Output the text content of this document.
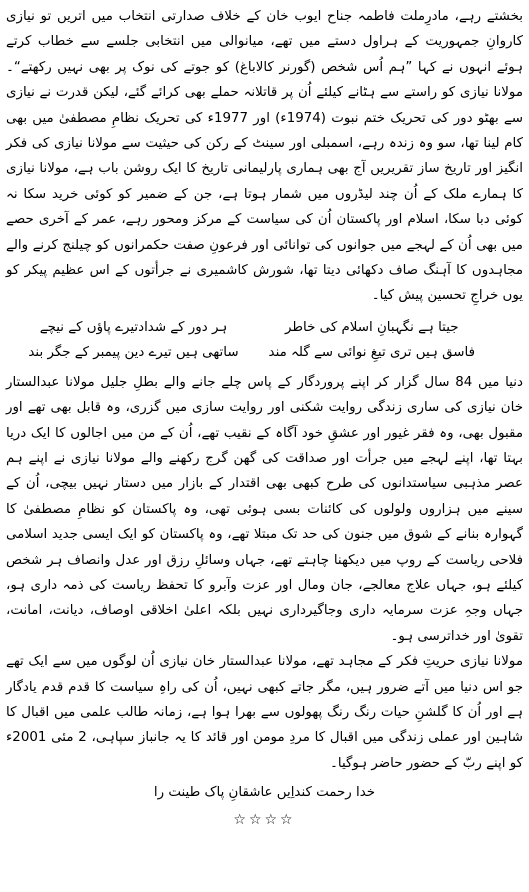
بخشتے رہے، مادرِملت فاطمہ جناح ایوب خان کے خلاف صدارتی انتخاب میں اتریں تو نیازی کاروانِ جمہوریت کے ہراول دستے میں تھے، میانوالی میں انتخابی جلسے سے خطاب کرتے ہوئے انہوں نے کہا ”ہم اُس شخص (گورنر کالاباغ) کو جوتے کی نوک پر بھی نہیں رکھتے“۔ مولانا نیازی کو راستے سے ہٹانے کیلئے اُن پر قاتلانہ حملے بھی کرائے گئے، لیکن قدرت نے نیازی سے بھٹو دور کی تحریک ختم نبوت (1974ء) اور 1977ء کی تحریک نظامِ مصطفیٰ میں بھی کام لینا تھا، سو وہ زندہ رہے، اسمبلی اور سینٹ کے رکن کی حیثیت سے مولانا نیازی کی فکر انگیز اور تاریخ ساز تقریریں آج بھی ہماری پارلیمانی تاریخ کا ایک روشن باب ہے، مولانا نیازی کا ہمارے ملک کے اُن چند لیڈروں میں شمار ہوتا ہے، جن کے ضمیر کو کوئی خرید سکا نہ کوئی دبا سکا، اسلام اور پاکستان اُن کی سیاست کے مرکز ومحور رہے، عمر کے آخری حصے میں بھی اُن کے لہجے میں جوانوں کی توانائی اور فرعونِ صفت حکمرانوں کو چیلنج کرنے والے مجاہدوں کا آہنگ صاف دکھائی دیتا تھا، شورش کاشمیری نے جرأتوں کے اس عظیم پیکر کو یوں خراجِ تحسین پیش کیا۔

جیتا ہے نگہبانِ اسلام کی خاطر
ہر دور کے شدادتیرے پاؤں کے نیچے
فاسق ہیں تری تیغِ نوائی سے گلہ مند
ساتھی ہیں تیرے دین پیمبر کے جگر بند

دنیا میں 84 سال گزار کر اپنے پروردگار کے پاس چلے جانے والے بطلِ جلیل مولانا عبدالستار خان نیازی کی ساری زندگی روایت شکنی اور روایت سازی میں گزری، وہ قابل بھی تھے اور مقبول بھی، وہ فقر غیور اور عشقِ خود آگاہ کے نقیب تھے، اُن کے من میں اجالوں کا ایک دریا بہتا تھا، اپنے لہجے میں جرأت اور صداقت کی گھن گرج رکھنے والے مولانا نیازی نے اپنے ہم عصر مذہبی سیاستدانوں کی طرح کبھی بھی اقتدار کے بازار میں دستار نہیں بیچی، اُن کے سینے میں ہزاروں ولولوں کی کائنات بسی ہوئی تھی، وہ پاکستان کو نظامِ مصطفیٰ کا گہوارہ بنانے کے شوق میں جنون کی حد تک مبتلا تھے، وہ پاکستان کو ایک ایسی جدید اسلامی فلاحی ریاست کے روپ میں دیکھنا چاہتے تھے، جہاں وسائلِ رزق اور عدل وانصاف ہر شخص کیلئے ہو، جہاں علاج معالجے، جان ومال اور عزت وآبرو کا تحفظ ریاست کی ذمہ داری ہو، جہاں وجہِ عزت سرمایہ داری وجاگیرداری نہیں بلکہ اعلیٰ اخلاقی اوصاف، دیانت، امانت، تقویٰ اور خداترسی ہو۔

مولانا نیازی حریتِ فکر کے مجاہد تھے، مولانا عبدالستار خان نیازی اُن لوگوں میں سے ایک تھے جو اس دنیا میں آتے ضرور ہیں، مگر جاتے کبھی نہیں، اُن کی راہِ سیاست کا قدم قدم یادگار ہے اور اُن کا گلشنِ حیات رنگ رنگ پھولوں سے بھرا ہوا ہے، زمانہ طالب علمی میں اقبال کا شاہین اور عملی زندگی میں اقبال کا مردِ مومن اور قائد کا یہ جانباز سپاہی، 2 مئی 2001ء کو اپنے ربّ کے حضور حاضر ہوگیا۔

خدا رحمت کنداِیں عاشقانِ پاک طینت را

☆☆☆☆
